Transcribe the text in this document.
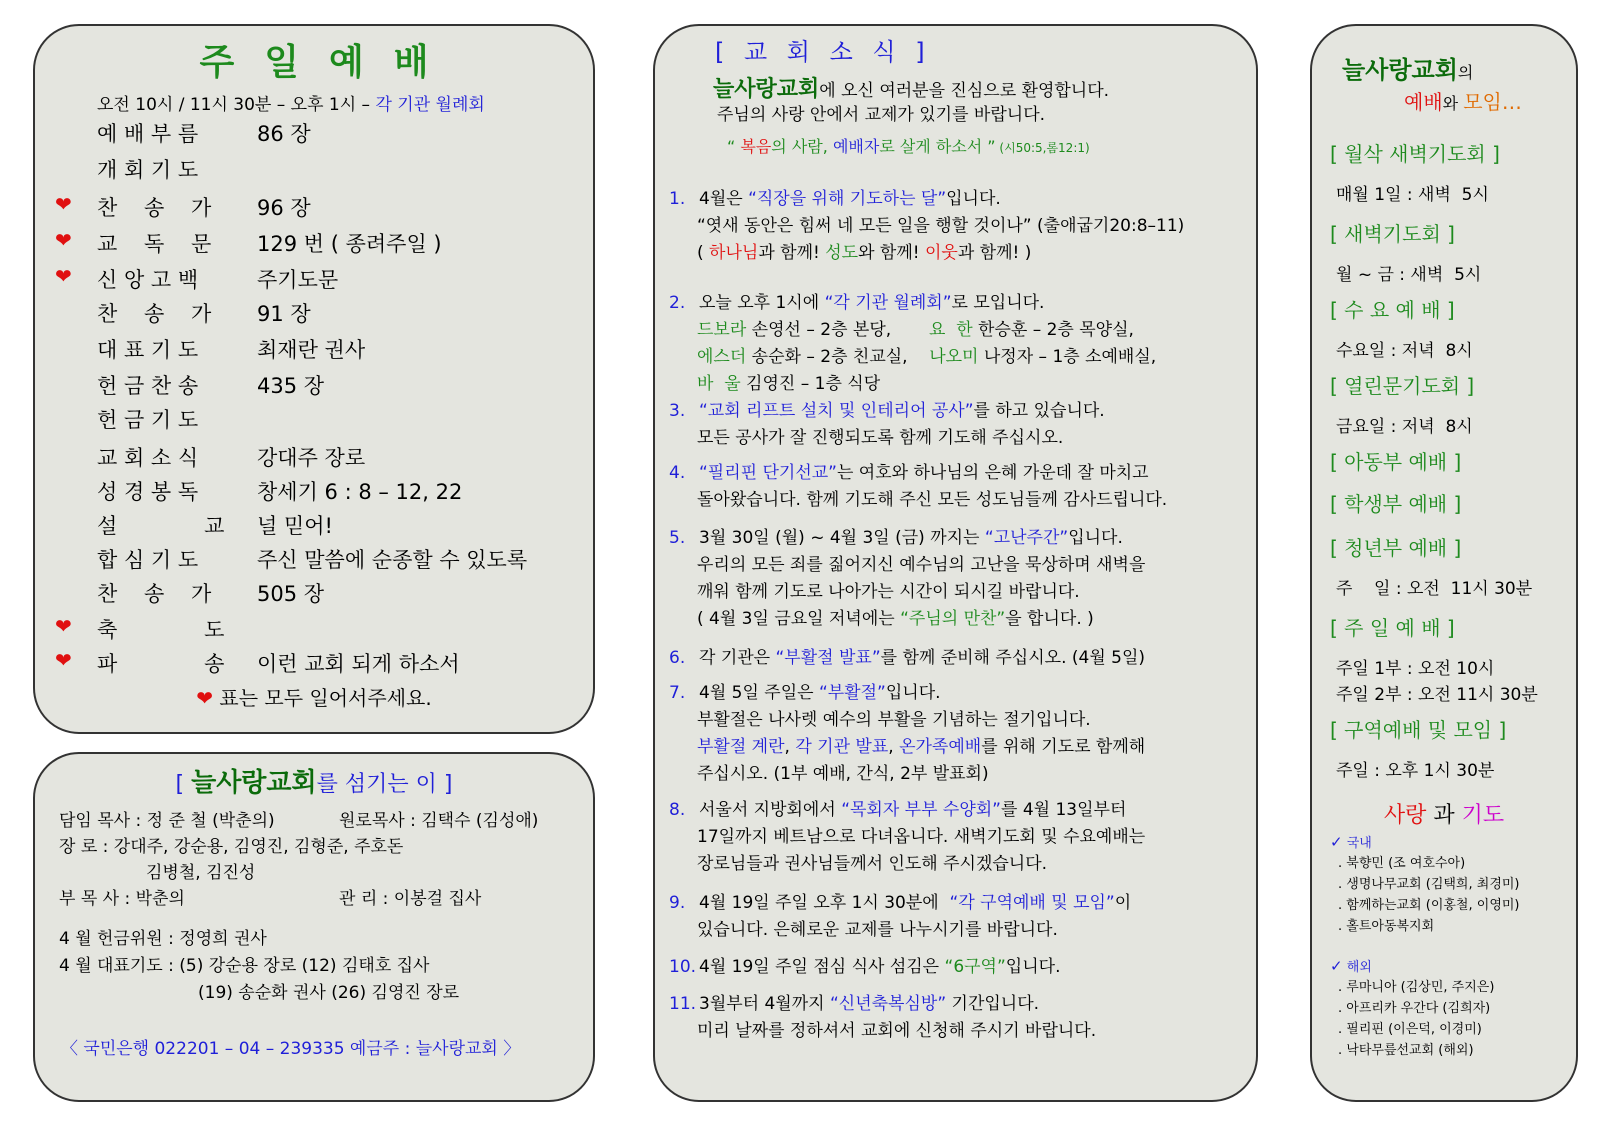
주일예배
오전 10시 / 11시 30분 – 오후 1시 – 각 기관 월례회
예 배 부 름	86 장
개 회 기 도
❤ 찬    송    가 96 장
❤ 교    독    문 129 번 ( 종려주일 )
❤ 신 앙 고 백	주기도문
찬    송    가 91 장
대 표 기 도	최재란 권사
헌 금 찬 송	435 장
헌 금 기 도
교 회 소 식	강대주 장로
성 경 봉 독	창세기 6 : 8 – 12, 22
설             교 널 믿어!
합 심 기 도	주신 말씀에 순종할 수 있도록
찬    송    가 505 장
❤ 축             도
❤ 파             송 이런 교회 되게 하소서
❤ 표는 모두 일어서주세요.
[ 늘사랑교회를 섬기는 이 ]
담임 목사 : 정 준 철 (박춘의)	원로목사 : 김택수 (김성애)
장 로 : 강대주, 강순용, 김영진, 김형준, 주호돈
김병철, 김진성
부 목 사 : 박춘의	관 리 : 이봉걸 집사
4 월 헌금위원 : 정영희 권사
4 월 대표기도 : (5) 강순용 장로 (12) 김태호 집사
(19) 송순화 권사 (26) 김영진 장로
〈 국민은행 022201 – 04 – 239335 예금주 : 늘사랑교회 〉
[ 교 회 소 식 ]
늘사랑교회에 오신 여러분을 진심으로 환영합니다.
주님의 사랑 안에서 교제가 있기를 바랍니다.
“ 복음의 사람, 예배자로 살게 하소서 ” (시50:5,롬12:1)
1. 4월은 “직장을 위해 기도하는 달”입니다.
“엿새 동안은 힘써 네 모든 일을 행할 것이나” (출애굽기20:8–11)
( 하나님과 함께! 성도와 함께! 이웃과 함께! )
2. 오늘 오후 1시에 “각 기관 월례회”로 모입니다.
드보라 손영선 – 2층 본당,       요  한 한승훈 – 2층 목양실,
에스더 송순화 – 2층 친교실,    나오미 나정자 – 1층 소예배실,
바  울 김영진 – 1층 식당
3. “교회 리프트 설치 및 인테리어 공사”를 하고 있습니다.
모든 공사가 잘 진행되도록 함께 기도해 주십시오.
4. “필리핀 단기선교”는 여호와 하나님의 은혜 가운데 잘 마치고
돌아왔습니다. 함께 기도해 주신 모든 성도님들께 감사드립니다.
5. 3월 30일 (월) ~ 4월 3일 (금) 까지는 “고난주간”입니다.
우리의 모든 죄를 짊어지신 예수님의 고난을 묵상하며 새벽을
깨워 함께 기도로 나아가는 시간이 되시길 바랍니다.
( 4월 3일 금요일 저녁에는 “주님의 만찬”을 합니다. )
6. 각 기관은 “부활절 발표”를 함께 준비해 주십시오. (4월 5일)
7. 4월 5일 주일은 “부활절”입니다.
부활절은 나사렛 예수의 부활을 기념하는 절기입니다.
부활절 계란, 각 기관 발표, 온가족예배를 위해 기도로 함께해
주십시오. (1부 예배, 간식, 2부 발표회)
8. 서울서 지방회에서 “목회자 부부 수양회”를 4월 13일부터
17일까지 베트남으로 다녀옵니다. 새벽기도회 및 수요예배는
장로님들과 권사님들께서 인도해 주시겠습니다.
9. 4월 19일 주일 오후 1시 30분에  “각 구역예배 및 모임”이
있습니다. 은혜로운 교제를 나누시기를 바랍니다.
10. 4월 19일 주일 점심 식사 섬김은 “6구역”입니다.
11. 3월부터 4월까지 “신년축복심방” 기간입니다.
미리 날짜를 정하셔서 교회에 신청해 주시기 바랍니다.
늘사랑교회의
예배와 모임…
[ 월삭 새벽기도회 ]
매월 1일 : 새벽  5시
[ 새벽기도회 ]
월 ~ 금 : 새벽  5시
[ 수 요 예 배 ]
수요일 : 저녁  8시
[ 열린문기도회 ]
금요일 : 저녁  8시
[ 아동부 예배 ]
[ 학생부 예배 ]
[ 청년부 예배 ]
주    일 : 오전  11시 30분
[ 주 일 예 배 ]
주일 1부 : 오전 10시
주일 2부 : 오전 11시 30분
[ 구역예배 및 모임 ]
주일 : 오후 1시 30분
사랑 과 기도
✓ 국내
. 북향민 (조 여호수아)
. 생명나무교회 (김택희, 최경미)
. 함께하는교회 (이홍철, 이영미)
. 홀트아동복지회
✓ 해외
. 루마니아 (김상민, 주지은)
. 아프리카 우간다 (김희자)
. 필리핀 (이은덕, 이경미)
. 낙타무릎선교회 (해외)
